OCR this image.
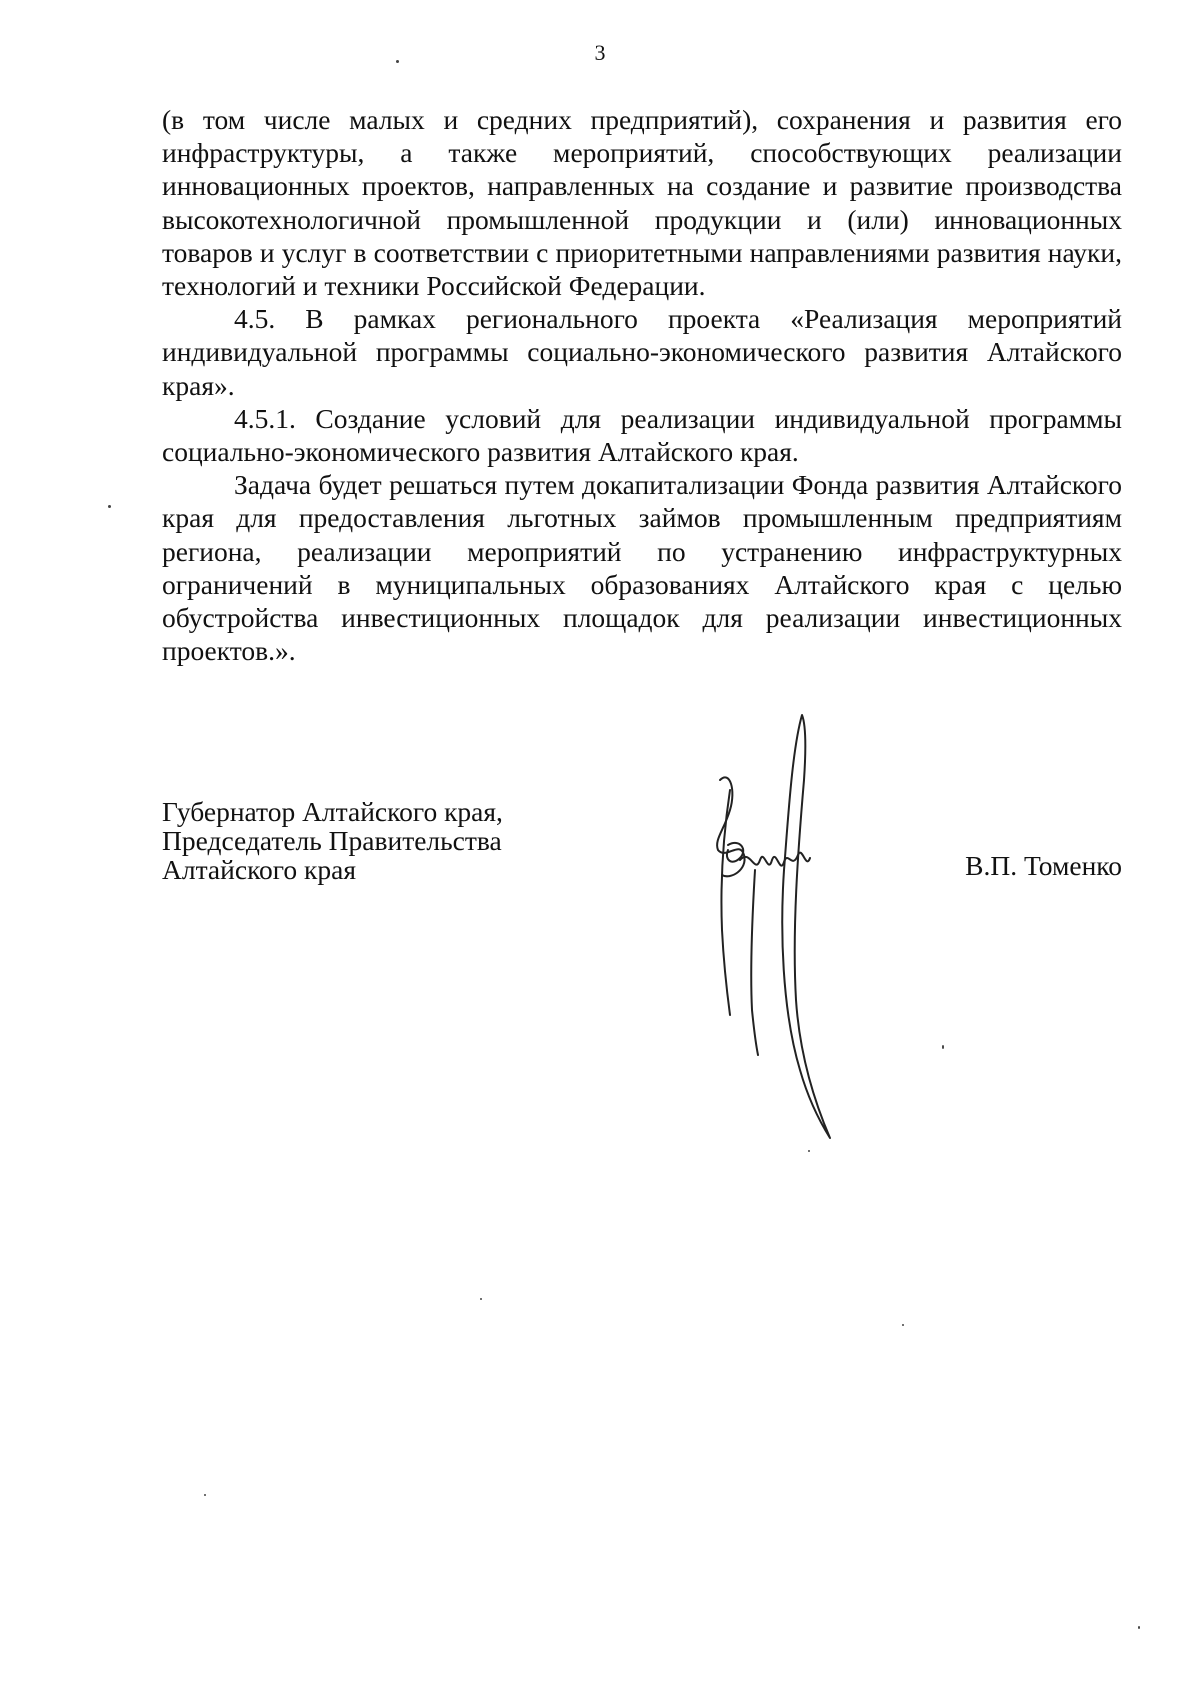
3

(в том числе малых и средних предприятий), сохранения и развития его инфраструктуры, а также мероприятий, способствующих реализации инновационных проектов, направленных на создание и развитие производства высокотехнологичной промышленной продукции и (или) инновационных товаров и услуг в соответствии с приоритетными направлениями развития науки, технологий и техники Российской Федерации.

4.5. В рамках регионального проекта «Реализация мероприятий индивидуальной программы социально-экономического развития Алтайского края».

4.5.1. Создание условий для реализации индивидуальной программы социально-экономического развития Алтайского края.

Задача будет решаться путем докапитализации Фонда развития Алтайского края для предоставления льготных займов промышленным предприятиям региона, реализации мероприятий по устранению инфраструктурных ограничений в муниципальных образованиях Алтайского края с целью обустройства инвестиционных площадок для реализации инвестиционных проектов.».

Губернатор Алтайского края,
Председатель Правительства
Алтайского края	В.П. Томенко
